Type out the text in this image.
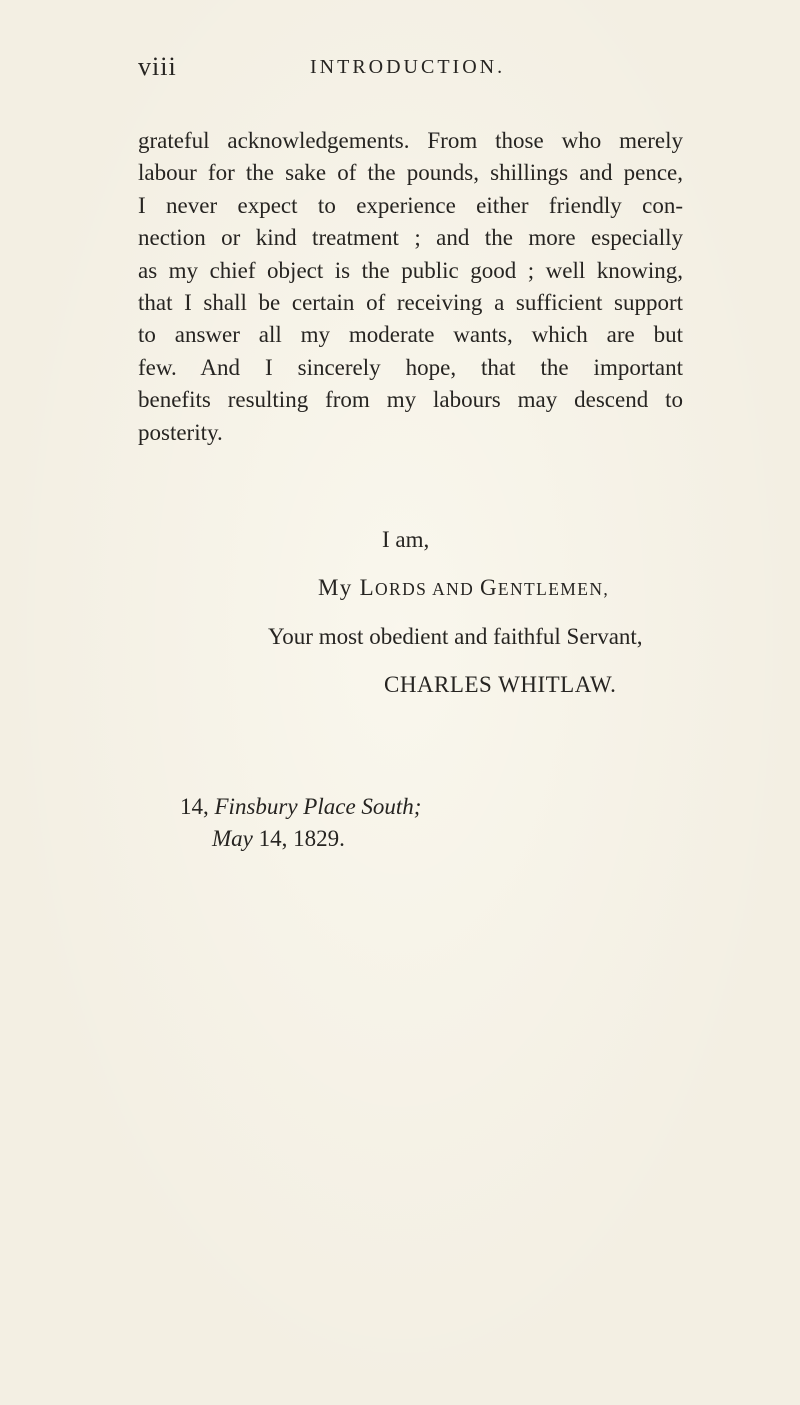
viii	INTRODUCTION.
grateful acknowledgements. From those who merely
labour for the sake of the pounds, shillings and pence,
I never expect to experience either friendly con-
nection or kind treatment ; and the more especially
as my chief object is the public good ; well knowing,
that I shall be certain of receiving a sufficient support
to answer all my moderate wants, which are but
few. And I sincerely hope, that the important
benefits resulting from my labours may descend to
posterity.
I am,
My LORDS AND GENTLEMEN,
Your most obedient and faithful Servant,
CHARLES WHITLAW.
14, Finsbury Place South;
May 14, 1829.
